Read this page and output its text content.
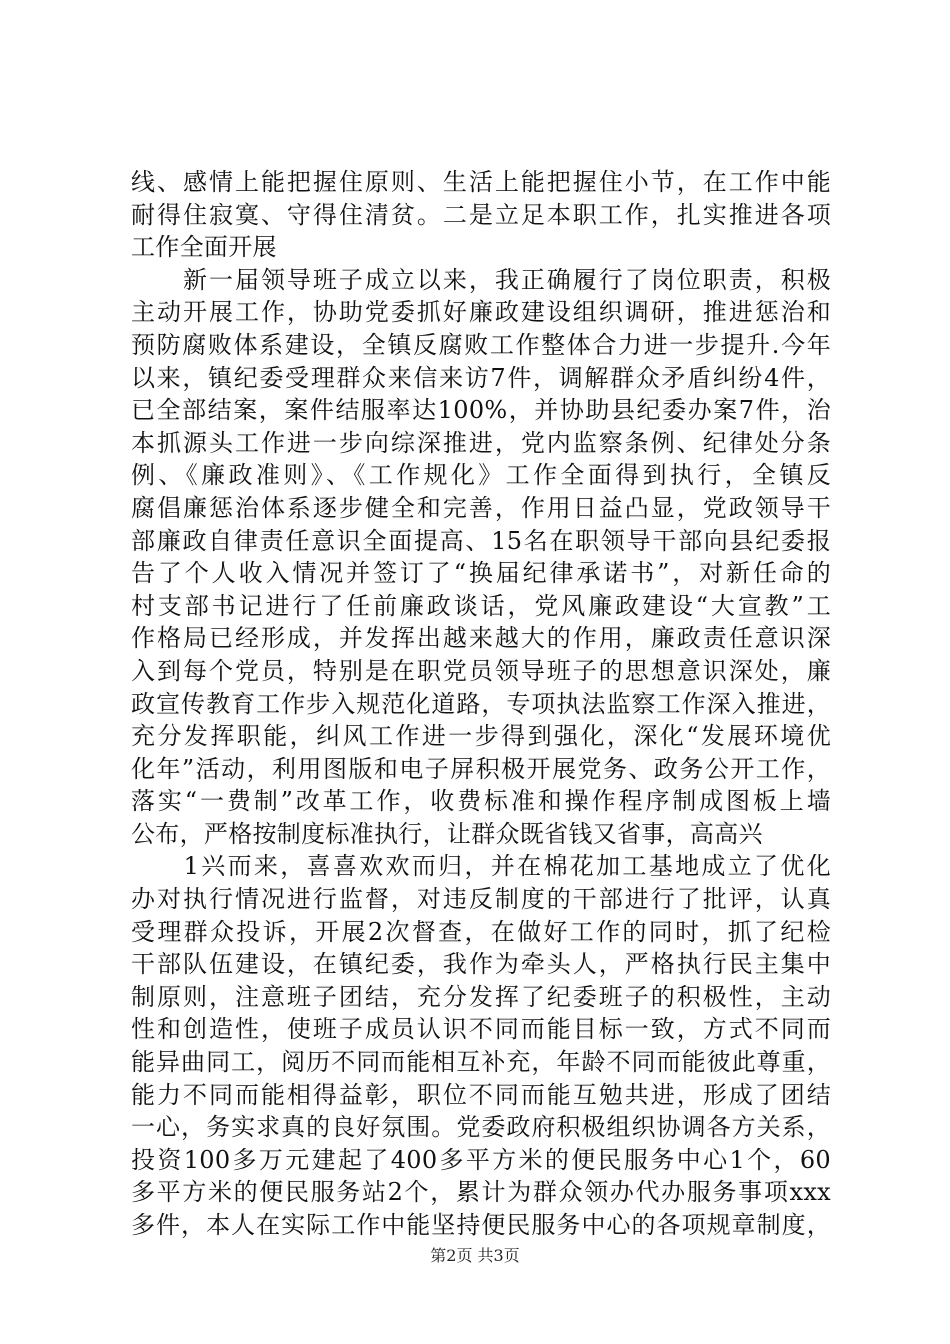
线、感情上能把握住原则、生活上能把握住小节，在工作中能
耐得住寂寞、守得住清贫。二是立足本职工作，扎实推进各项
工作全面开展
　　新一届领导班子成立以来，我正确履行了岗位职责，积极
主动开展工作，协助党委抓好廉政建设组织调研，推进惩治和
预防腐败体系建设，全镇反腐败工作整体合力进一步提升.今年
以来，镇纪委受理群众来信来访7件，调解群众矛盾纠纷4件，
已全部结案，案件结服率达100%，并协助县纪委办案7件，治
本抓源头工作进一步向综深推进，党内监察条例、纪律处分条
例、《廉政准则》、《工作规化》工作全面得到执行，全镇反
腐倡廉惩治体系逐步健全和完善，作用日益凸显，党政领导干
部廉政自律责任意识全面提高、15名在职领导干部向县纪委报
告了个人收入情况并签订了“换届纪律承诺书”，对新任命的
村支部书记进行了任前廉政谈话，党风廉政建设“大宣教”工
作格局已经形成，并发挥出越来越大的作用，廉政责任意识深
入到每个党员，特别是在职党员领导班子的思想意识深处，廉
政宣传教育工作步入规范化道路，专项执法监察工作深入推进，
充分发挥职能，纠风工作进一步得到强化，深化“发展环境优
化年”活动，利用图版和电子屏积极开展党务、政务公开工作，
落实“一费制”改革工作，收费标准和操作程序制成图板上墙
公布，严格按制度标准执行，让群众既省钱又省事，高高兴
　　1兴而来，喜喜欢欢而归，并在棉花加工基地成立了优化
办对执行情况进行监督，对违反制度的干部进行了批评，认真
受理群众投诉，开展2次督查，在做好工作的同时，抓了纪检
干部队伍建设，在镇纪委，我作为牵头人，严格执行民主集中
制原则，注意班子团结，充分发挥了纪委班子的积极性，主动
性和创造性，使班子成员认识不同而能目标一致，方式不同而
能异曲同工，阅历不同而能相互补充，年龄不同而能彼此尊重，
能力不同而能相得益彰，职位不同而能互勉共进，形成了团结
一心，务实求真的良好氛围。党委政府积极组织协调各方关系，
投资100多万元建起了400多平方米的便民服务中心1个，60
多平方米的便民服务站2个，累计为群众领办代办服务事项xxx
多件，本人在实际工作中能坚持便民服务中心的各项规章制度，
第2页 共3页
